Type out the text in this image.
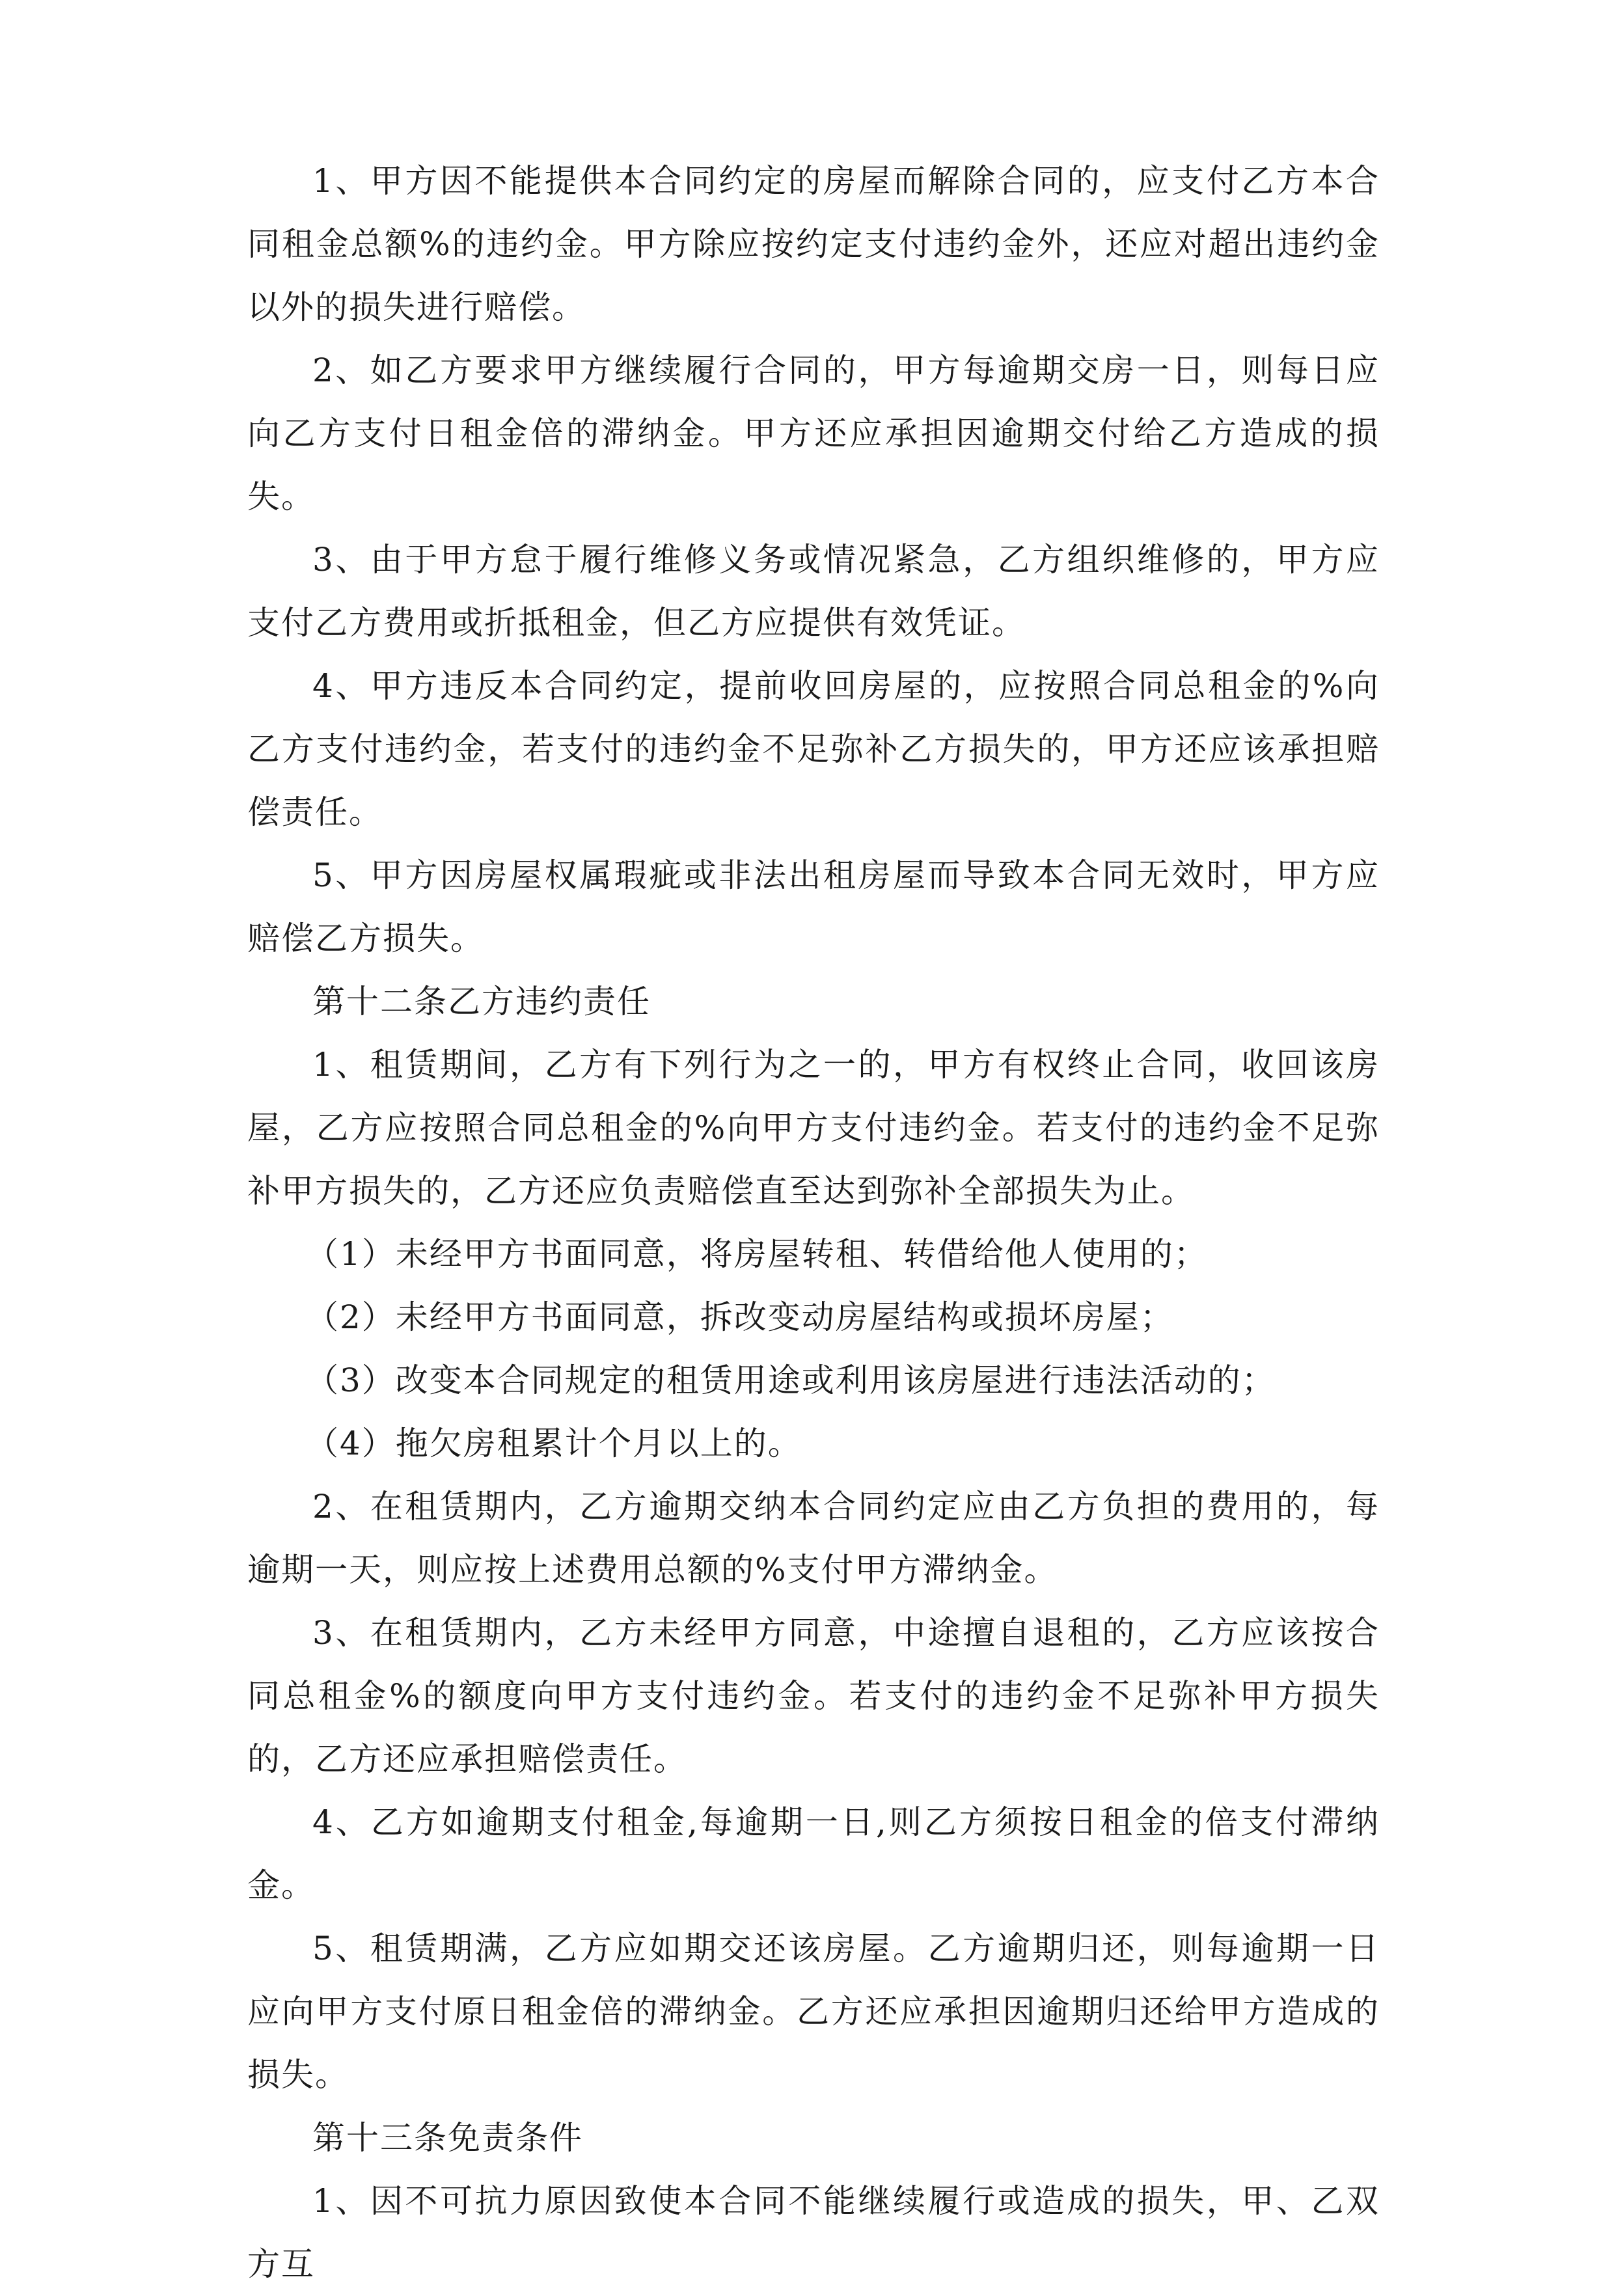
1、甲方因不能提供本合同约定的房屋而解除合同的，应支付乙方本合同租金总额%的违约金。甲方除应按约定支付违约金外，还应对超出违约金以外的损失进行赔偿。

2、如乙方要求甲方继续履行合同的，甲方每逾期交房一日，则每日应向乙方支付日租金倍的滞纳金。甲方还应承担因逾期交付给乙方造成的损失。

3、由于甲方怠于履行维修义务或情况紧急，乙方组织维修的，甲方应支付乙方费用或折抵租金，但乙方应提供有效凭证。

4、甲方违反本合同约定，提前收回房屋的，应按照合同总租金的%向乙方支付违约金，若支付的违约金不足弥补乙方损失的，甲方还应该承担赔偿责任。

5、甲方因房屋权属瑕疵或非法出租房屋而导致本合同无效时，甲方应赔偿乙方损失。

第十二条乙方违约责任

1、租赁期间，乙方有下列行为之一的，甲方有权终止合同，收回该房屋，乙方应按照合同总租金的%向甲方支付违约金。若支付的违约金不足弥补甲方损失的，乙方还应负责赔偿直至达到弥补全部损失为止。

（1）未经甲方书面同意，将房屋转租、转借给他人使用的；

（2）未经甲方书面同意，拆改变动房屋结构或损坏房屋；

（3）改变本合同规定的租赁用途或利用该房屋进行违法活动的；

（4）拖欠房租累计个月以上的。

2、在租赁期内，乙方逾期交纳本合同约定应由乙方负担的费用的，每逾期一天，则应按上述费用总额的%支付甲方滞纳金。

3、在租赁期内，乙方未经甲方同意，中途擅自退租的，乙方应该按合同总租金%的额度向甲方支付违约金。若支付的违约金不足弥补甲方损失的，乙方还应承担赔偿责任。

4、乙方如逾期支付租金,每逾期一日,则乙方须按日租金的倍支付滞纳金。

5、租赁期满，乙方应如期交还该房屋。乙方逾期归还，则每逾期一日应向甲方支付原日租金倍的滞纳金。乙方还应承担因逾期归还给甲方造成的损失。

第十三条免责条件

1、因不可抗力原因致使本合同不能继续履行或造成的损失，甲、乙双方互
